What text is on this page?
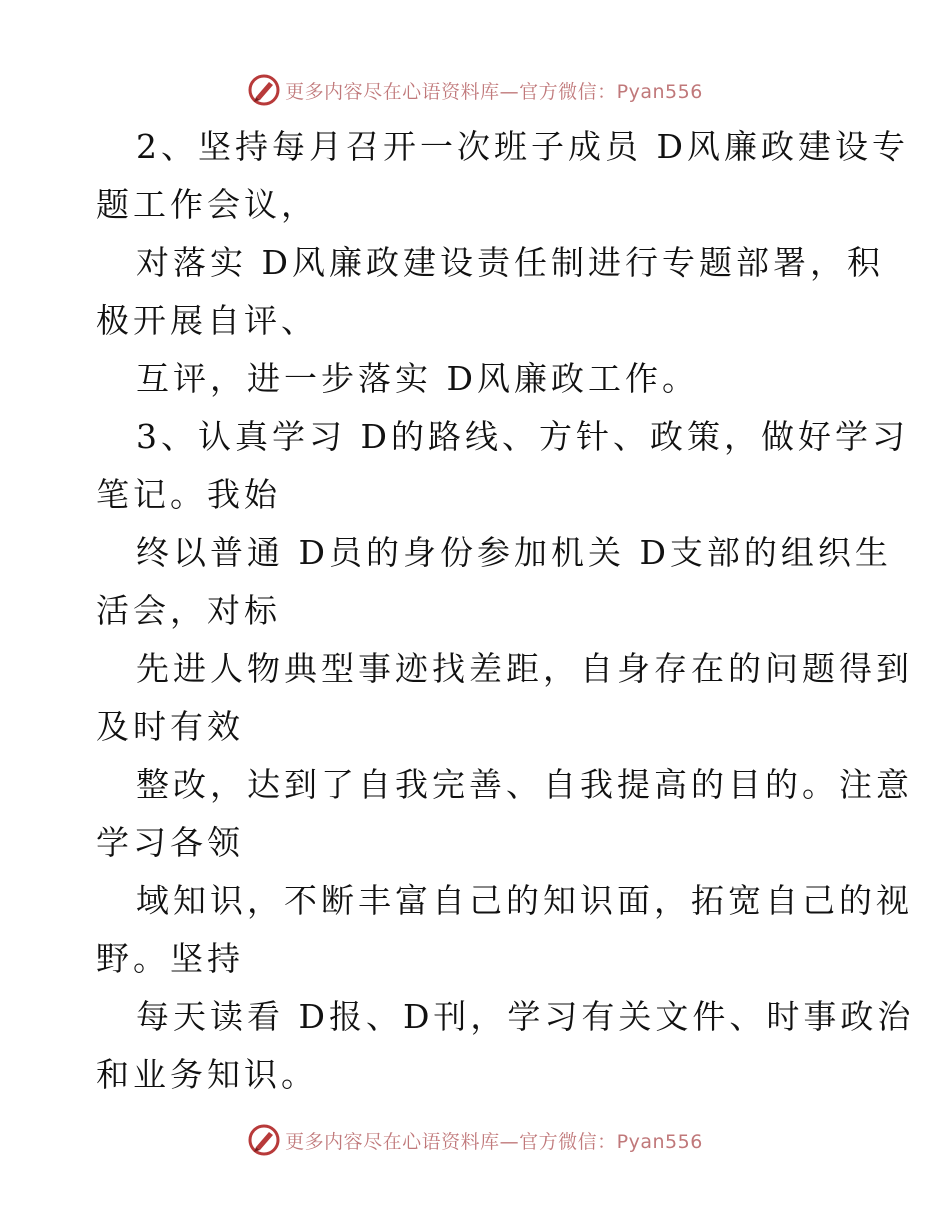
更多内容尽在心语资料库—官方微信：Pyan556

2、坚持每月召开一次班子成员 D风廉政建设专

题工作会议，

对落实 D风廉政建设责任制进行专题部署，积

极开展自评、

互评，进一步落实 D风廉政工作。

3、认真学习 D的路线、方针、政策，做好学习

笔记。我始

终以普通 D员的身份参加机关 D支部的组织生

活会，对标

先进人物典型事迹找差距，自身存在的问题得到

及时有效

整改，达到了自我完善、自我提高的目的。注意

学习各领

域知识，不断丰富自己的知识面，拓宽自己的视

野。坚持

每天读看 D报、D刊，学习有关文件、时事政治

和业务知识。

更多内容尽在心语资料库—官方微信：Pyan556
